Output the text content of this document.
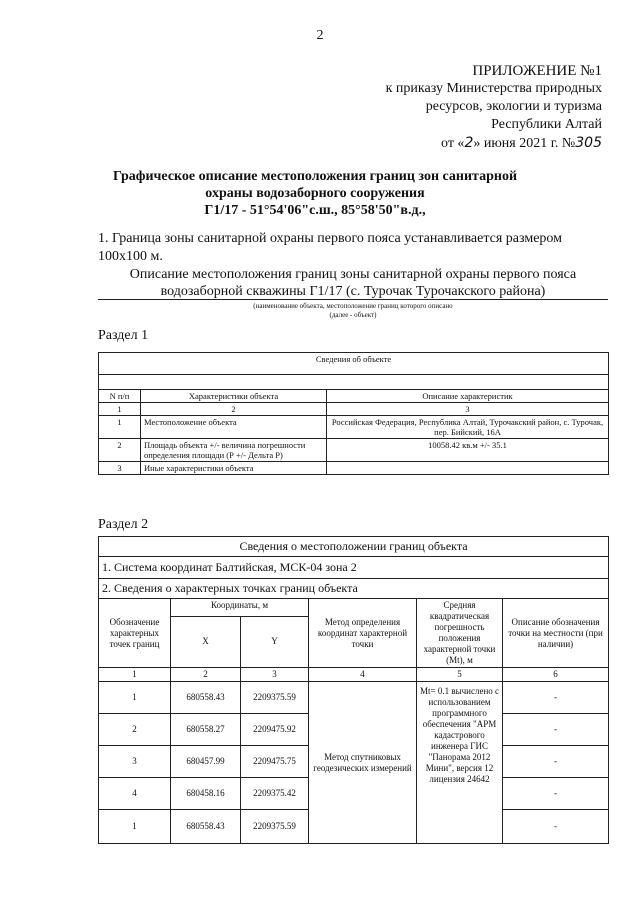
2
ПРИЛОЖЕНИЕ №1
к приказу Министерства природных
ресурсов, экологии и туризма
Республики Алтай
от «2» июня 2021 г. №305
Графическое описание местоположения границ зон санитарной охраны водозаборного сооружения
Г1/17 - 51°54'06"с.ш., 85°58'50"в.д.,
1. Граница зоны санитарной охраны первого пояса устанавливается размером 100х100 м.
Описание местоположения границ зоны санитарной охраны первого пояса водозаборной скважины Г1/17 (с. Турочак Турочакского района)
(наименование объекта, местоположение границ которого описано
(далее - объект)
Раздел 1
Сведения об объекте		

N п/п	Характеристики объекта	Описание характеристик
1	2	3
1	Местоположение объекта	Российская Федерация, Республика Алтай, Турочакский район, с. Турочак, пер. Бийский, 16А
2	Площадь объекта +/- величина погрешности определения площади (Р +/- Дельта Р)	10058.42 кв.м +/- 35.1
3	Иные характеристики объекта	
Раздел 2
Сведения о местоположении границ объекта					
1. Система координат Балтийская, МСК-04 зона 2					
2. Сведения о характерных точках границ объекта					
Обозначение характерных точек границ	Координаты, м		Метод определения координат характерной точки	Средняя квадратическая погрешность положения характерной точки (Mt), м	Описание обозначения точки на местности (при наличии)
	X	Y			
1	2	3	4	5	6
1	680558.43	2209375.59	Метод спутниковых геодезических измерений	Mt= 0.1 вычислено с использованием программного обеспечения "АРМ кадастрового инженера ГИС "Панорама 2012 Мини", версия 12 лицензия 24642	-
2	680558.27	2209475.92			-
3	680457.99	2209475.75			-
4	680458.16	2209375.42			-
1	680558.43	2209375.59			-
